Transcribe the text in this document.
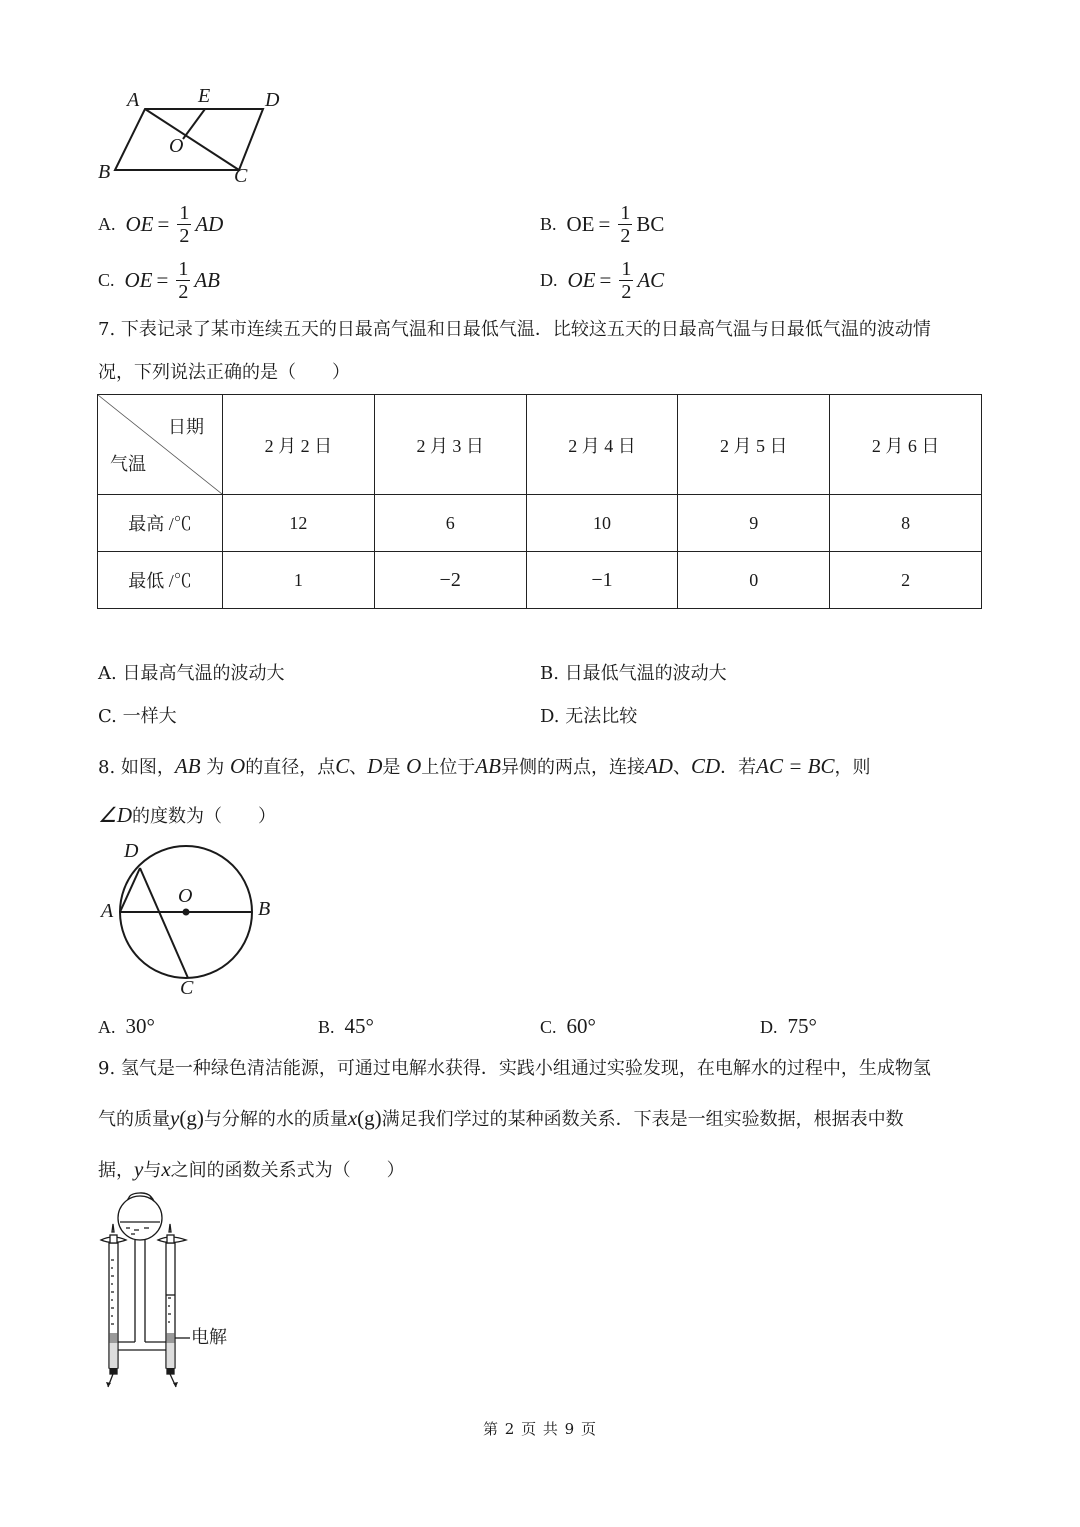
A	E	D
O
B	C
A. OE = $\frac{1}{2}$ AD	B. OE = $\frac{1}{2}$ BC
C. OE = $\frac{1}{2}$ AB	D. OE = $\frac{1}{2}$ AC
7. 下表记录了某市连续五天的日最高气温和日最低气温．比较这五天的日最高气温与日最低气温的波动情
况，下列说法正确的是（　　）
日期
气温	2 月 2 日	2 月 3 日	2 月 4 日	2 月 5 日	2 月 6 日
最高 /℃	12	6	10	9	8
最低 /℃	1	−2	−1	0	2
A. 日最高气温的波动大	B. 日最低气温的波动大
C. 一样大	D. 无法比较
8. 如图，AB 为 O的直径，点C、D是 O上位于AB异侧的两点，连接AD、CD．若AC = BC，则
∠D的度数为（　　）
D
O
A	B
C
A. 30°	B. 45°	C. 60°	D. 75°
9. 氢气是一种绿色清洁能源，可通过电解水获得．实践小组通过实验发现，在电解水的过程中，生成物氢
气的质量y(g)与分解的水的质量x(g)满足我们学过的某种函数关系．下表是一组实验数据，根据表中数
据，y与x之间的函数关系式为（　　）
电解
第 2 页 共 9 页
